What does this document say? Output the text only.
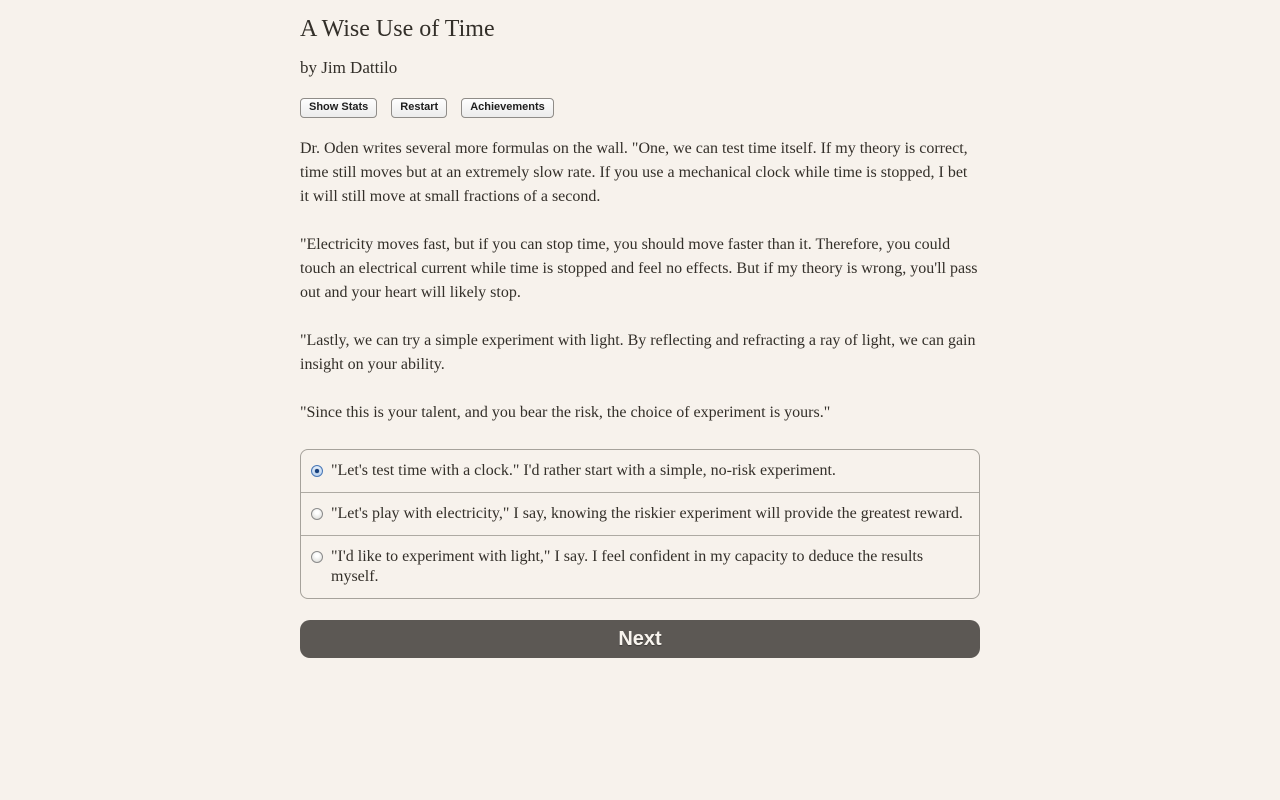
A Wise Use of Time
by Jim Dattilo
Show Stats	Restart	Achievements

Dr. Oden writes several more formulas on the wall. "One, we can test time itself. If my theory is correct, time still moves but at an extremely slow rate. If you use a mechanical clock while time is stopped, I bet it will still move at small fractions of a second.

"Electricity moves fast, but if you can stop time, you should move faster than it. Therefore, you could touch an electrical current while time is stopped and feel no effects. But if my theory is wrong, you'll pass out and your heart will likely stop.

"Lastly, we can try a simple experiment with light. By reflecting and refracting a ray of light, we can gain insight on your ability.

"Since this is your talent, and you bear the risk, the choice of experiment is yours."

"Let's test time with a clock." I'd rather start with a simple, no-risk experiment.
"Let's play with electricity," I say, knowing the riskier experiment will provide the greatest reward.
"I'd like to experiment with light," I say. I feel confident in my capacity to deduce the results myself.
Next
